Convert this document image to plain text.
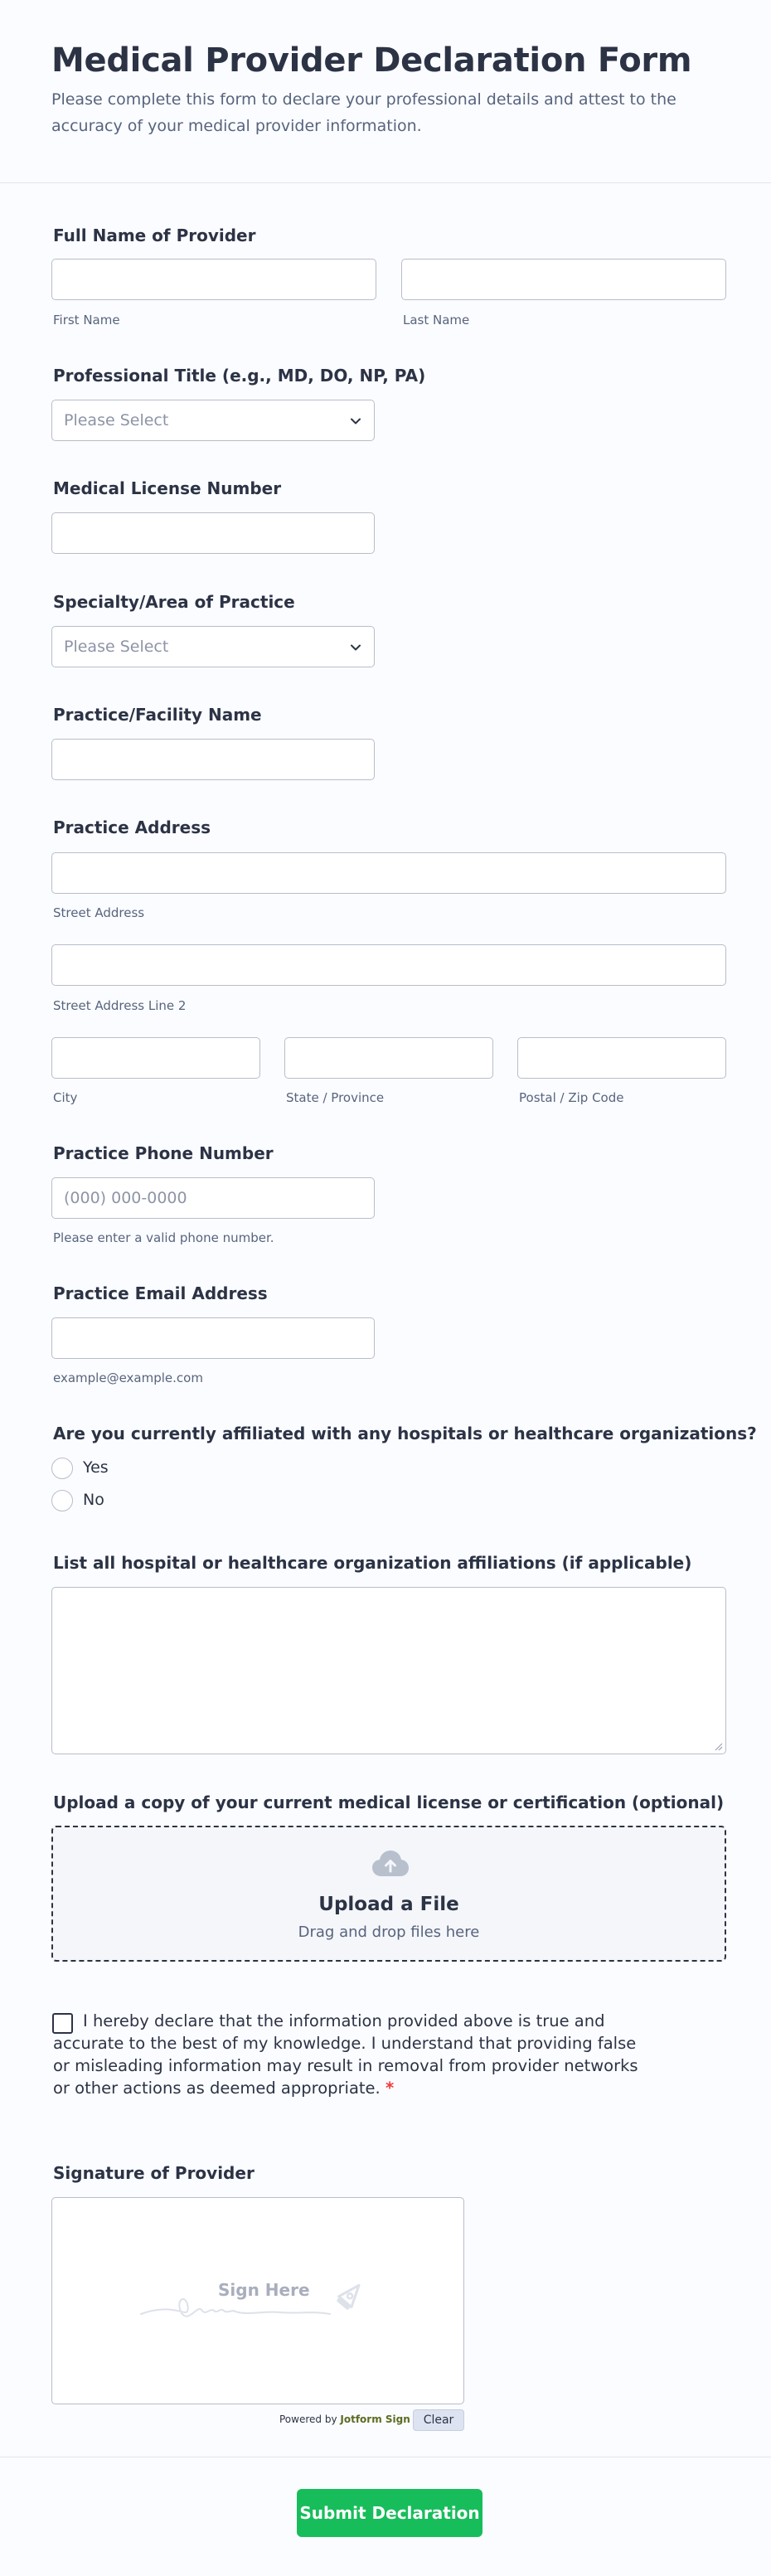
Medical Provider Declaration Form
Please complete this form to declare your professional details and attest to the accuracy of your medical provider information.
Full Name of Provider
First Name	Last Name
Professional Title (e.g., MD, DO, NP, PA)
Please Select
Medical License Number
Specialty/Area of Practice
Please Select
Practice/Facility Name
Practice Address
Street Address
Street Address Line 2
City	State / Province	Postal / Zip Code
Practice Phone Number
(000) 000-0000
Please enter a valid phone number.
Practice Email Address
example@example.com
Are you currently affiliated with any hospitals or healthcare organizations?
Yes
No
List all hospital or healthcare organization affiliations (if applicable)
Upload a copy of your current medical license or certification (optional)
Upload a File
Drag and drop files here
I hereby declare that the information provided above is true and accurate to the best of my knowledge. I understand that providing false or misleading information may result in removal from provider networks or other actions as deemed appropriate. *
Signature of Provider
Sign Here
Powered by Jotform Sign	Clear
Submit Declaration
